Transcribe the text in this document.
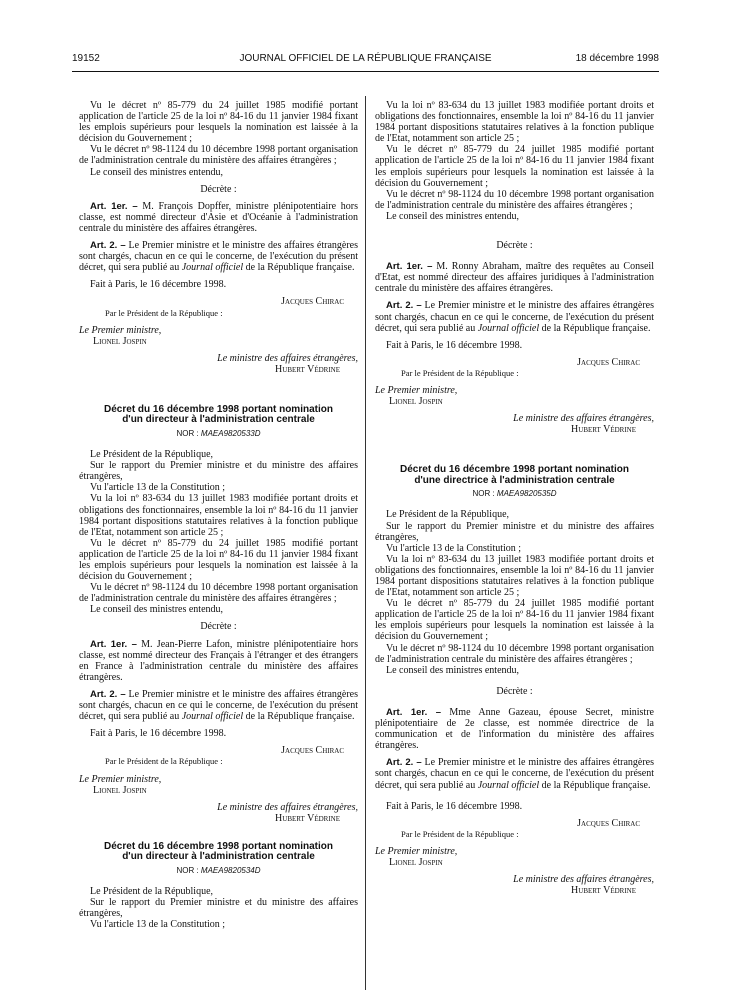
19152	JOURNAL OFFICIEL DE LA RÉPUBLIQUE FRANÇAISE	18 décembre 1998

Vu le décret nº 85-779 du 24 juillet 1985 modifié portant application de l'article 25 de la loi nº 84-16 du 11 janvier 1984 fixant les emplois supérieurs pour lesquels la nomination est laissée à la décision du Gouvernement ;

Vu le décret nº 98-1124 du 10 décembre 1998 portant organisation de l'administration centrale du ministère des affaires étrangères ;

Le conseil des ministres entendu,

Décrète :

Art. 1er. – M. François Dopffer, ministre plénipotentiaire hors classe, est nommé directeur d'Asie et d'Océanie à l'administration centrale du ministère des affaires étrangères.

Art. 2. – Le Premier ministre et le ministre des affaires étrangères sont chargés, chacun en ce qui le concerne, de l'exécution du présent décret, qui sera publié au Journal officiel de la République française.

Fait à Paris, le 16 décembre 1998.

Jacques Chirac

Par le Président de la République :

Le Premier ministre,

Lionel Jospin

Le ministre des affaires étrangères,

Hubert Védrine

Décret du 16 décembre 1998 portant nomination

d'un directeur à l'administration centrale

NOR : MAEA9820533D

Le Président de la République,

Sur le rapport du Premier ministre et du ministre des affaires étrangères,

Vu l'article 13 de la Constitution ;

Vu la loi nº 83-634 du 13 juillet 1983 modifiée portant droits et obligations des fonctionnaires, ensemble la loi nº 84-16 du 11 janvier 1984 portant dispositions statutaires relatives à la fonction publique de l'Etat, notamment son article 25 ;

Vu le décret nº 85-779 du 24 juillet 1985 modifié portant application de l'article 25 de la loi nº 84-16 du 11 janvier 1984 fixant les emplois supérieurs pour lesquels la nomination est laissée à la décision du Gouvernement ;

Vu le décret nº 98-1124 du 10 décembre 1998 portant organisation de l'administration centrale du ministère des affaires étrangères ;

Le conseil des ministres entendu,

Décrète :

Art. 1er. – M. Jean-Pierre Lafon, ministre plénipotentiaire hors classe, est nommé directeur des Français à l'étranger et des étrangers en France à l'administration centrale du ministère des affaires étrangères.

Art. 2. – Le Premier ministre et le ministre des affaires étrangères sont chargés, chacun en ce qui le concerne, de l'exécution du présent décret, qui sera publié au Journal officiel de la République française.

Fait à Paris, le 16 décembre 1998.

Jacques Chirac

Par le Président de la République :

Le Premier ministre,

Lionel Jospin

Le ministre des affaires étrangères,

Hubert Védrine

Décret du 16 décembre 1998 portant nomination

d'un directeur à l'administration centrale

NOR : MAEA9820534D

Le Président de la République,

Sur le rapport du Premier ministre et du ministre des affaires étrangères,

Vu l'article 13 de la Constitution ;

Vu la loi nº 83-634 du 13 juillet 1983 modifiée portant droits et obligations des fonctionnaires, ensemble la loi nº 84-16 du 11 janvier 1984 portant dispositions statutaires relatives à la fonction publique de l'Etat, notamment son article 25 ;

Vu le décret nº 85-779 du 24 juillet 1985 modifié portant application de l'article 25 de la loi nº 84-16 du 11 janvier 1984 fixant les emplois supérieurs pour lesquels la nomination est laissée à la décision du Gouvernement ;

Vu le décret nº 98-1124 du 10 décembre 1998 portant organisation de l'administration centrale du ministère des affaires étrangères ;

Le conseil des ministres entendu,

Décrète :

Art. 1er. – M. Ronny Abraham, maître des requêtes au Conseil d'Etat, est nommé directeur des affaires juridiques à l'administration centrale du ministère des affaires étrangères.

Art. 2. – Le Premier ministre et le ministre des affaires étrangères sont chargés, chacun en ce qui le concerne, de l'exécution du présent décret, qui sera publié au Journal officiel de la République française.

Fait à Paris, le 16 décembre 1998.

Jacques Chirac

Par le Président de la République :

Le Premier ministre,

Lionel Jospin

Le ministre des affaires étrangères,

Hubert Védrine

Décret du 16 décembre 1998 portant nomination

d'une directrice à l'administration centrale

NOR : MAEA9820535D

Le Président de la République,

Sur le rapport du Premier ministre et du ministre des affaires étrangères,

Vu l'article 13 de la Constitution ;

Vu la loi nº 83-634 du 13 juillet 1983 modifiée portant droits et obligations des fonctionnaires, ensemble la loi nº 84-16 du 11 janvier 1984 portant dispositions statutaires relatives à la fonction publique de l'Etat, notamment son article 25 ;

Vu le décret nº 85-779 du 24 juillet 1985 modifié portant application de l'article 25 de la loi nº 84-16 du 11 janvier 1984 fixant les emplois supérieurs pour lesquels la nomination est laissée à la décision du Gouvernement ;

Vu le décret nº 98-1124 du 10 décembre 1998 portant organisation de l'administration centrale du ministère des affaires étrangères ;

Le conseil des ministres entendu,

Décrète :

Art. 1er. – Mme Anne Gazeau, épouse Secret, ministre plénipotentiaire de 2e classe, est nommée directrice de la communication et de l'information du ministère des affaires étrangères.

Art. 2. – Le Premier ministre et le ministre des affaires étrangères sont chargés, chacun en ce qui le concerne, de l'exécution du présent décret, qui sera publié au Journal officiel de la République française.

Fait à Paris, le 16 décembre 1998.

Jacques Chirac

Par le Président de la République :

Le Premier ministre,

Lionel Jospin

Le ministre des affaires étrangères,

Hubert Védrine
